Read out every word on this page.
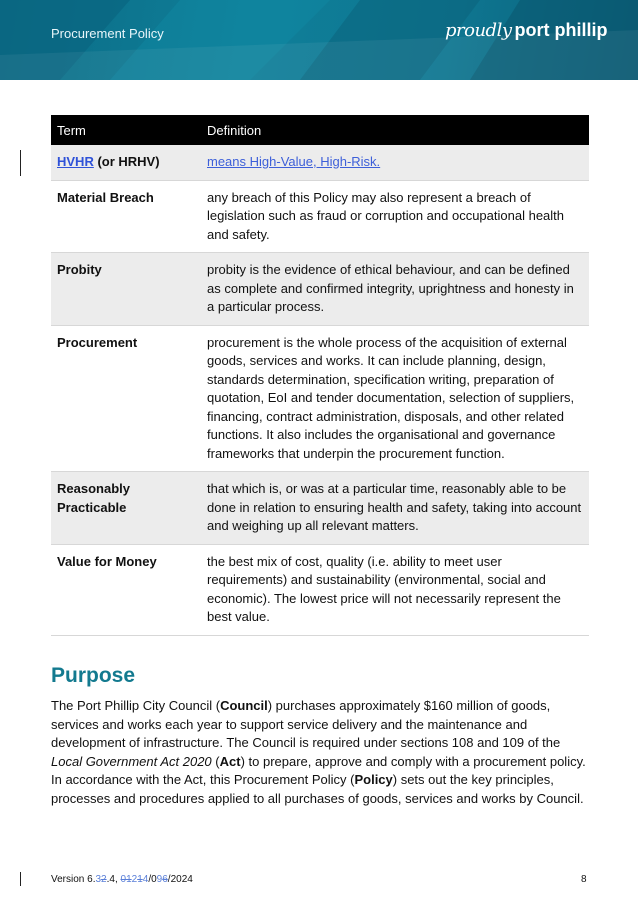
Procurement Policy	proudly port phillip
Term	Definition
HVHR (or HRHV)	means High-Value, High-Risk.
Material Breach	any breach of this Policy may also represent a breach of legislation such as fraud or corruption and occupational health and safety.
Probity	probity is the evidence of ethical behaviour, and can be defined as complete and confirmed integrity, uprightness and honesty in a particular process.
Procurement	procurement is the whole process of the acquisition of external goods, services and works. It can include planning, design, standards determination, specification writing, preparation of quotation, EoI and tender documentation, selection of suppliers, financing, contract administration, disposals, and other related functions. It also includes the organisational and governance frameworks that underpin the procurement function.
Reasonably Practicable	that which is, or was at a particular time, reasonably able to be done in relation to ensuring health and safety, taking into account and weighing up all relevant matters.
Value for Money	the best mix of cost, quality (i.e. ability to meet user requirements) and sustainability (environmental, social and economic). The lowest price will not necessarily represent the best value.
Purpose
The Port Phillip City Council (Council) purchases approximately $160 million of goods, services and works each year to support service delivery and the maintenance and development of infrastructure. The Council is required under sections 108 and 109 of the Local Government Act 2020 (Act) to prepare, approve and comply with a procurement policy. In accordance with the Act, this Procurement Policy (Policy) sets out the key principles, processes and procedures applied to all purchases of goods, services and works by Council.
Version 6.32.4, 01214/096/2024	8
